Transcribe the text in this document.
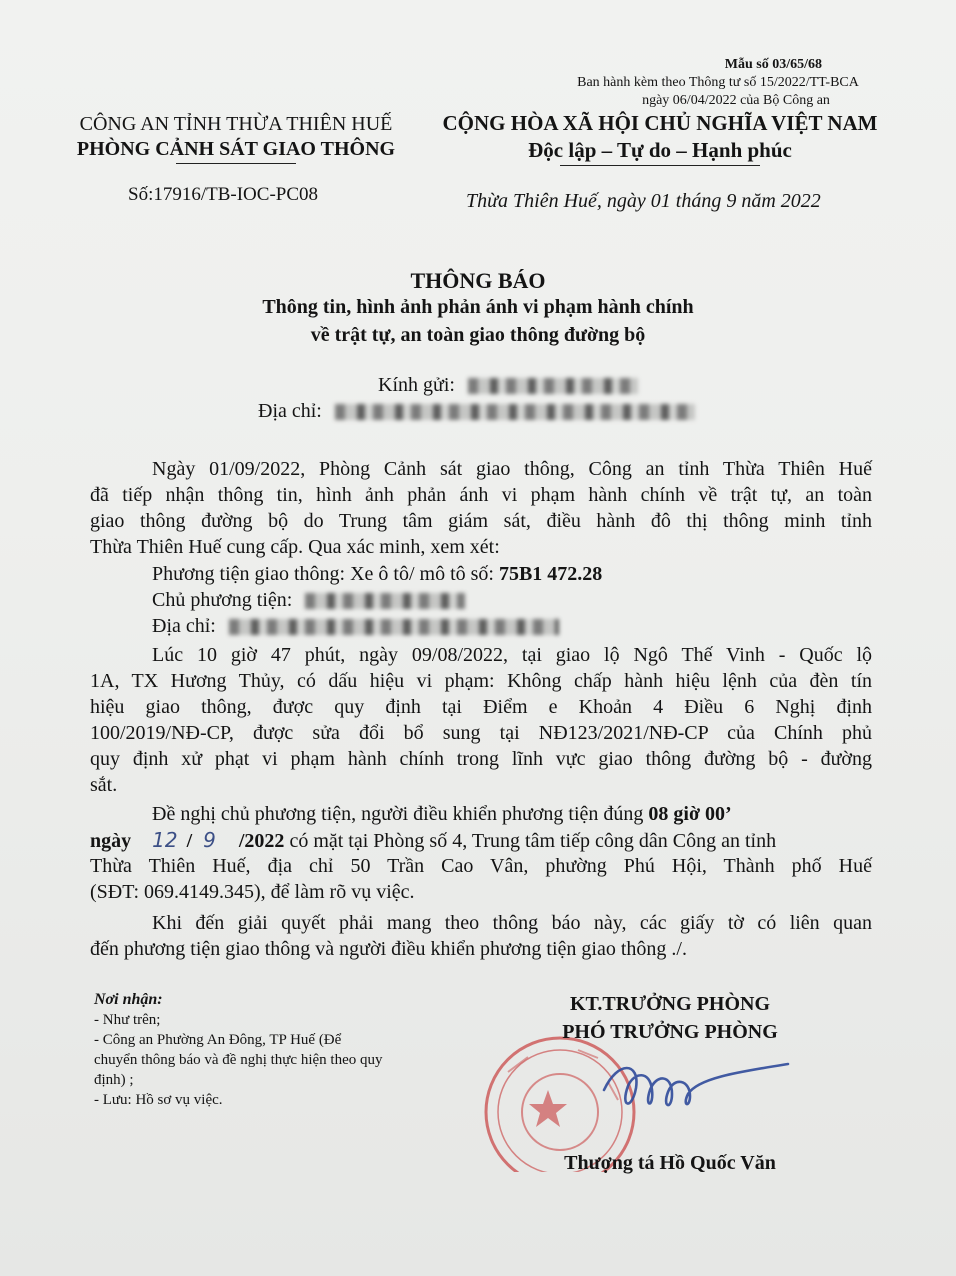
Mẫu số 03/65/68
Ban hành kèm theo Thông tư số 15/2022/TT-BCA
ngày 06/04/2022 của Bộ Công an
CÔNG AN TỈNH THỪA THIÊN HUẾ
PHÒNG CẢNH SÁT GIAO THÔNG
CỘNG HÒA XÃ HỘI CHỦ NGHĨA VIỆT NAM
Độc lập – Tự do – Hạnh phúc
Số:17916/TB-IOC-PC08	Thừa Thiên Huế, ngày 01 tháng 9 năm 2022
THÔNG BÁO
Thông tin, hình ảnh phản ánh vi phạm hành chính
về trật tự, an toàn giao thông đường bộ
Kính gửi:
Địa chỉ:
Ngày 01/09/2022, Phòng Cảnh sát giao thông, Công an tỉnh Thừa Thiên Huế
đã tiếp nhận thông tin, hình ảnh phản ánh vi phạm hành chính về trật tự, an toàn
giao thông đường bộ do Trung tâm giám sát, điều hành đô thị thông minh tỉnh
Thừa Thiên Huế cung cấp. Qua xác minh, xem xét:
Phương tiện giao thông: Xe ô tô/ mô tô số: 75B1 472.28
Chủ phương tiện:
Địa chỉ:
Lúc 10 giờ 47 phút, ngày 09/08/2022, tại giao lộ Ngô Thế Vinh - Quốc lộ
1A, TX Hương Thủy, có dấu hiệu vi phạm: Không chấp hành hiệu lệnh của đèn tín
hiệu giao thông, được quy định tại Điểm e Khoản 4 Điều 6 Nghị định
100/2019/NĐ-CP, được sửa đổi bổ sung tại NĐ123/2021/NĐ-CP của Chính phủ
quy định xử phạt vi phạm hành chính trong lĩnh vực giao thông đường bộ - đường
sắt.
Đề nghị chủ phương tiện, người điều khiển phương tiện đúng 08 giờ 00’
ngày 12 / 9 /2022 có mặt tại Phòng số 4, Trung tâm tiếp công dân Công an tỉnh
Thừa Thiên Huế, địa chỉ 50 Trần Cao Vân, phường Phú Hội, Thành phố Huế
(SĐT: 069.4149.345), để làm rõ vụ việc.
Khi đến giải quyết phải mang theo thông báo này, các giấy tờ có liên quan
đến phương tiện giao thông và người điều khiển phương tiện giao thông ./.
Nơi nhận:
- Như trên;
- Công an Phường An Đông, TP Huế (Để
chuyển thông báo và đề nghị thực hiện theo quy
định) ;
- Lưu: Hồ sơ vụ việc.
KT.TRƯỞNG PHÒNG
PHÓ TRƯỞNG PHÒNG
Thượng tá Hồ Quốc Văn
